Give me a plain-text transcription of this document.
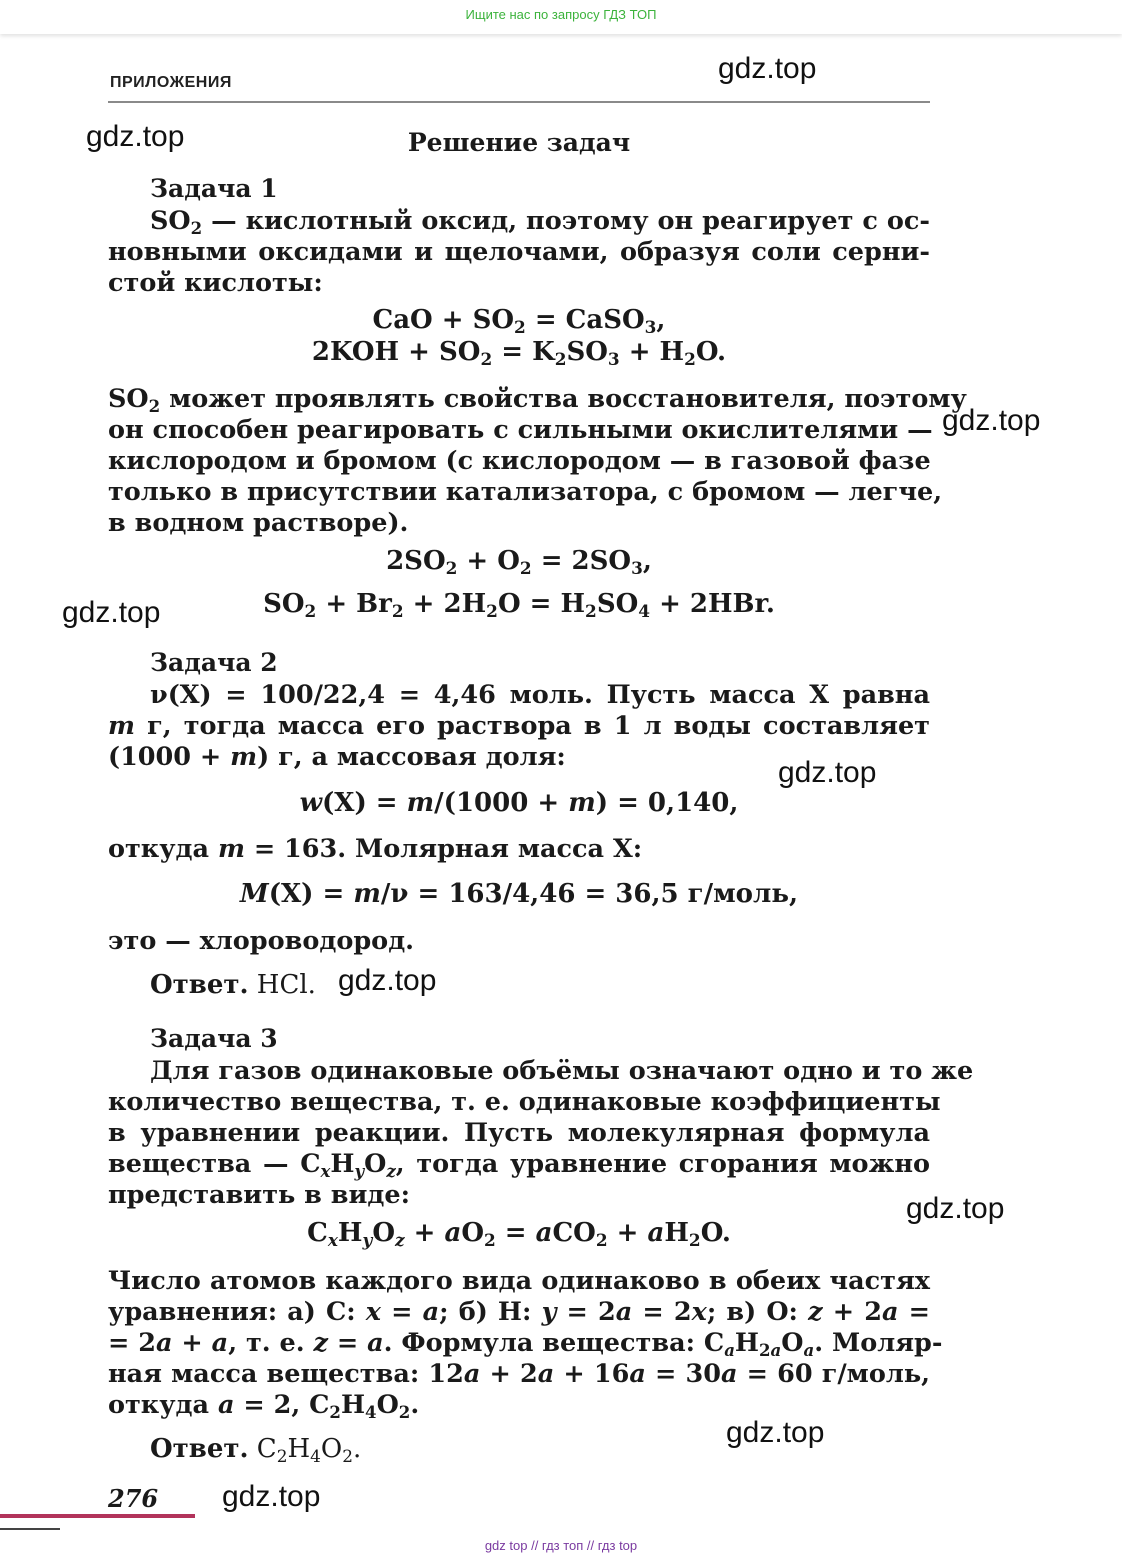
Ищите нас по запросу ГДЗ ТОП
ПРИЛОЖЕНИЯ	gdz.top
gdz.top
gdz.top
gdz.top
gdz.top
gdz.top
gdz.top
gdz.top
gdz.top
Решение задач
Задача 1
$SO_2$ — кислотный оксид, поэтому он реагирует с ос-
новными оксидами и щелочами, образуя соли серни-
стой кислоты:
CaO + $SO_2$ = CaSO$_3$,
$2KOH + SO_2 = K_2SO_3 + H_2O$.
$SO_2$ может проявлять свойства восстановителя, поэтому
он способен реагировать с сильными окислителями —
кислородом и бромом (с кислородом — в газовой фазе
только в присутствии катализатора, с бромом — легче,
в водном растворе).
$2SO_2 + O_2 = 2SO_3$,
$SO_2 + Br_2 + 2H_2O = H_2SO_4 + 2HBr$.
Задача 2
ν(X) = 100/22,4 = 4,46 моль. Пусть масса X равна
m г, тогда масса его раствора в 1 л воды составляет
(1000 + m) г, а массовая доля:
w(X) = m/(1000 + m) = 0,140,
откуда m = 163. Молярная масса X:
M(X) = m/ν = 163/4,46 = 36,5 г/моль,
это — хлороводород.
Ответ. HCl.
Задача 3
Для газов одинаковые объёмы означают одно и то же
количество вещества, т. е. одинаковые коэффициенты
в уравнении реакции. Пусть молекулярная формула
вещества — $C_xH_yO_z$, тогда уравнение сгорания можно
представить в виде:
$C_xH_yO_z + aO_2 = aCO_2 + aH_2O$.
Число атомов каждого вида одинаково в обеих частях
уравнения: а) C: x = a; б) H: y = 2a = 2x; в) O: z + 2a =
= 2a + a, т. е. z = a. Формула вещества: $C_aH_{2a}O_a$. Моляр-
ная масса вещества: 12a + 2a + 16a = 30a = 60 г/моль,
откуда a = 2, $C_2H_4O_2$.
Ответ. $C_2H_4O_2$.
276
gdz top // гдз топ // гдз top
